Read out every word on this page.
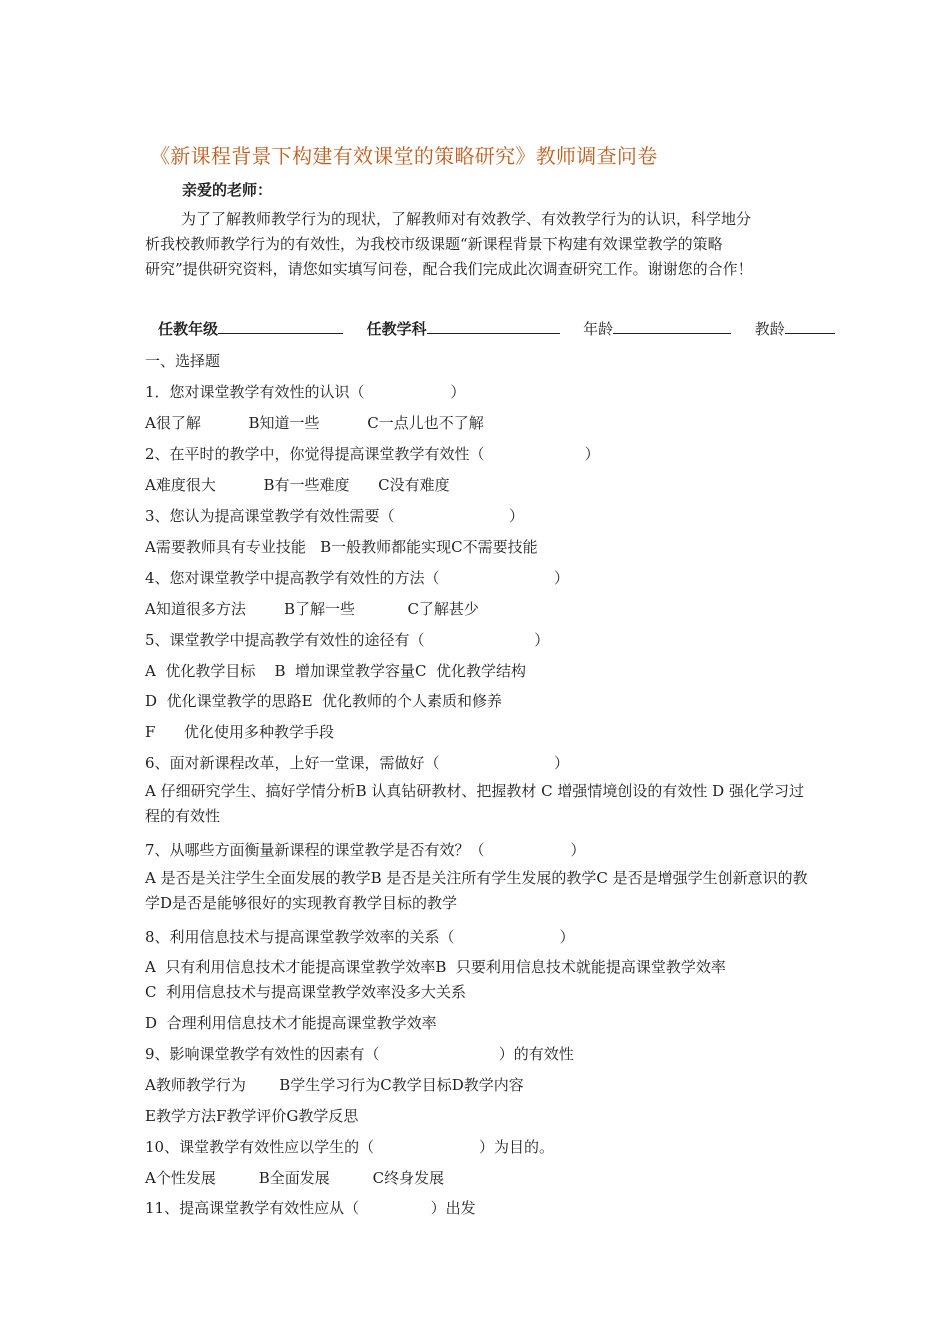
《新课程背景下构建有效课堂的策略研究》教师调查问卷
亲爱的老师：
为了了解教师教学行为的现状，了解教师对有效教学、有效教学行为的认识，科学地分
析我校教师教学行为的有效性，为我校市级课题“新课程背景下构建有效课堂教学的策略
研究”提供研究资料，请您如实填写问卷，配合我们完成此次调查研究工作。谢谢您的合作！
任教年级	任教学科	年龄	教龄
一、选择题
1．您对课堂教学有效性的认识（                  ）
A很了解          B知道一些          C一点儿也不了解
2、在平时的教学中，你觉得提高课堂教学有效性（                     ）
A难度很大          B有一些难度      C没有难度
3、您认为提高课堂教学有效性需要（                        ）
A需要教师具有专业技能   B一般教师都能实现C不需要技能
4、您对课堂教学中提高教学有效性的方法（                        ）
A知道很多方法        B了解一些           C了解甚少
5、课堂教学中提高教学有效性的途径有（                       ）
A  优化教学目标    B  增加课堂教学容量C  优化教学结构
D  优化课堂教学的思路E  优化教师的个人素质和修养
F      优化使用多种教学手段
6、面对新课程改革，上好一堂课，需做好（                        ）
A 仔细研究学生、搞好学情分析B 认真钻研教材、把握教材 C 增强情境创设的有效性 D 强化学习过程的有效性
7、从哪些方面衡量新课程的课堂教学是否有效？（                  ）
A 是否是关注学生全面发展的教学B 是否是关注所有学生发展的教学C 是否是增强学生创新意识的教学D是否是能够很好的实现教育教学目标的教学
8、利用信息技术与提高课堂教学效率的关系（                      ）
A  只有利用信息技术才能提高课堂教学效率B  只要利用信息技术就能提高课堂教学效率
C  利用信息技术与提高课堂教学效率没多大关系
D  合理利用信息技术才能提高课堂教学效率
9、影响课堂教学有效性的因素有（                         ）的有效性
A教师教学行为       B学生学习行为C教学目标D教学内容
E教学方法F教学评价G教学反思
10、课堂教学有效性应以学生的（                      ）为目的。
A个性发展         B全面发展         C终身发展
11、提高课堂教学有效性应从（               ）出发
